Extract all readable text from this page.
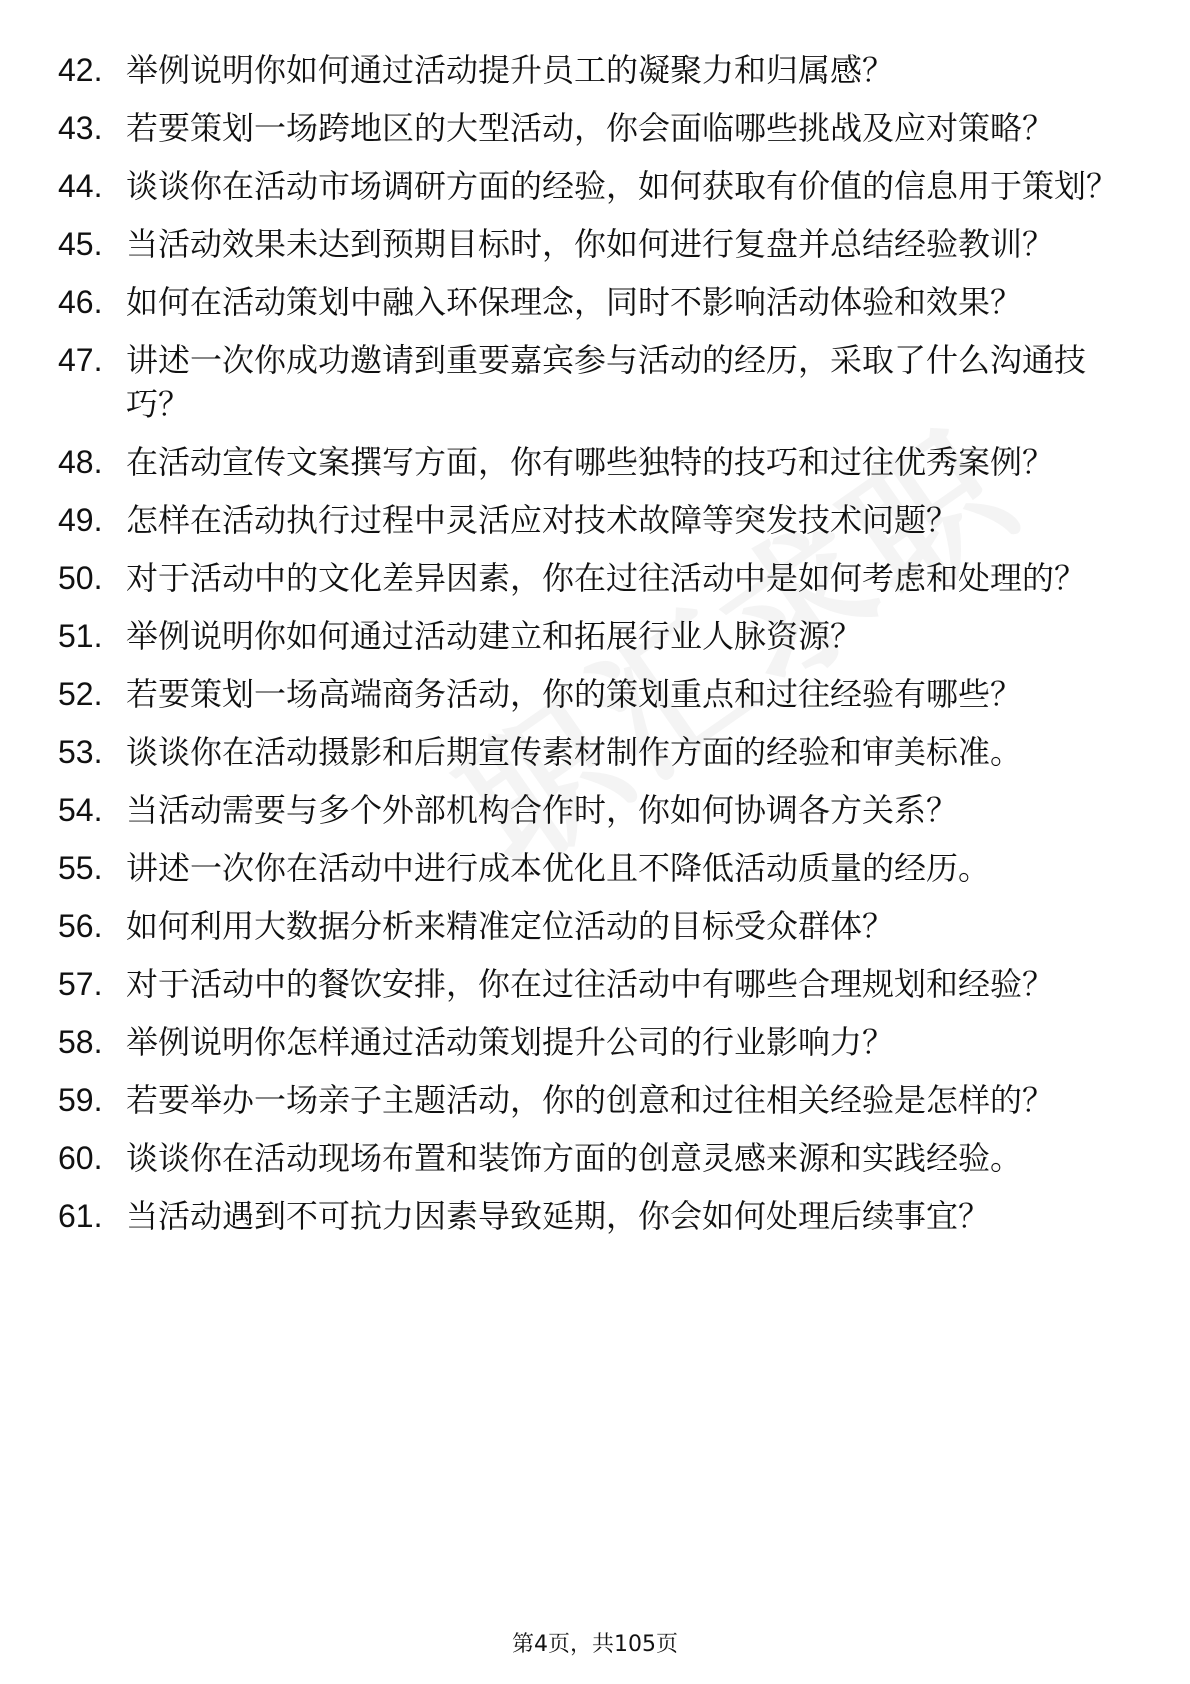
42. 举例说明你如何通过活动提升员工的凝聚力和归属感？
43. 若要策划一场跨地区的大型活动，你会面临哪些挑战及应对策略？
44. 谈谈你在活动市场调研方面的经验，如何获取有价值的信息用于策划？
45. 当活动效果未达到预期目标时，你如何进行复盘并总结经验教训？
46. 如何在活动策划中融入环保理念，同时不影响活动体验和效果？
47. 讲述一次你成功邀请到重要嘉宾参与活动的经历，采取了什么沟通技巧？
48. 在活动宣传文案撰写方面，你有哪些独特的技巧和过往优秀案例？
49. 怎样在活动执行过程中灵活应对技术故障等突发技术问题？
50. 对于活动中的文化差异因素，你在过往活动中是如何考虑和处理的？
51. 举例说明你如何通过活动建立和拓展行业人脉资源？
52. 若要策划一场高端商务活动，你的策划重点和过往经验有哪些？
53. 谈谈你在活动摄影和后期宣传素材制作方面的经验和审美标准。
54. 当活动需要与多个外部机构合作时，你如何协调各方关系？
55. 讲述一次你在活动中进行成本优化且不降低活动质量的经历。
56. 如何利用大数据分析来精准定位活动的目标受众群体？
57. 对于活动中的餐饮安排，你在过往活动中有哪些合理规划和经验？
58. 举例说明你怎样通过活动策划提升公司的行业影响力？
59. 若要举办一场亲子主题活动，你的创意和过往相关经验是怎样的？
60. 谈谈你在活动现场布置和装饰方面的创意灵感来源和实践经验。
61. 当活动遇到不可抗力因素导致延期，你会如何处理后续事宜？
第4页，共105页
